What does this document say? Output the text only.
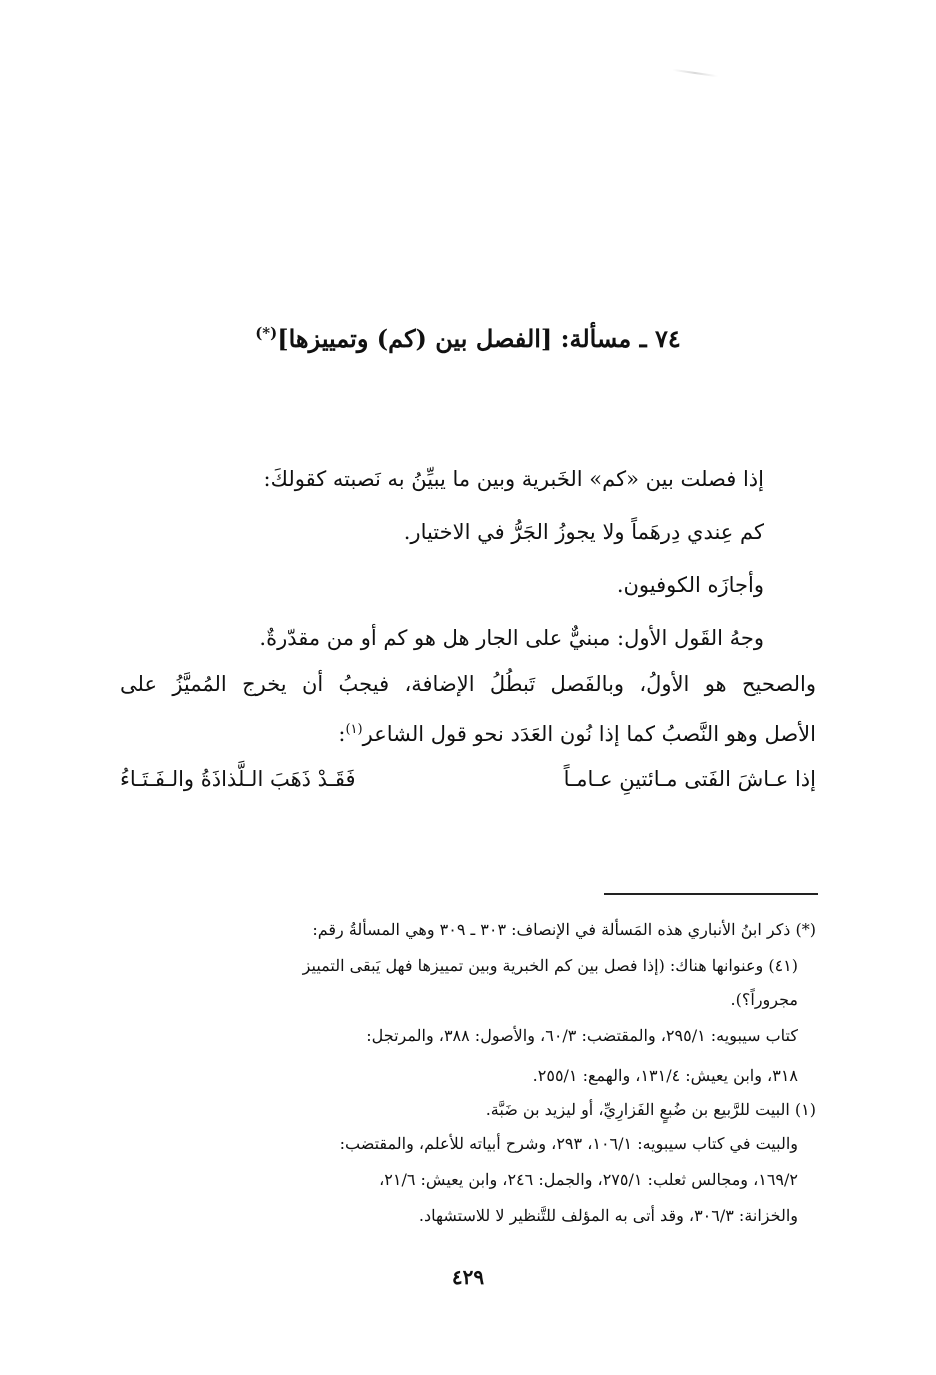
٧٤ ـ مسألة: [الفصل بين (كم) وتمييزها](*)
إذا فصلت بين «كم» الخَبرية وبين ما يبيِّنُ به نَصبته كقولكَ:
كم عِندي دِرهَماً ولا يجوزُ الجَرُّ في الاختيار.
وأجازَه الكوفيون.
وجهُ القَول الأول: مبنيٌّ على الجار هل هو كم أو من مقدّرةٌ.
والصحيح هو الأولُ، وبالفَصل تَبطُلُ الإضافة، فيجبُ أن يخرج المُميَّزُ على
الأصل وهو النَّصبُ كما إذا نُون العَدَد نحو قول الشاعر$^{(١)}$:
إذا عـاشَ الفَتى مـائتينِ عـامـاً
فَقَـدْ ذَهَبَ الـلَّذاذَةُ والـفَـتَـاءُ
(*) ذكر ابنُ الأنباري هذه المَسألة في الإنصاف: ٣٠٣ ـ ٣٠٩ وهي المسألةُ رقم:
(٤١) وعنوانها هناك: (إذا فصل بين كم الخبرية وبين تمييزها فهل يَبقى التمييز
مجروراً؟).
كتاب سيبويه: ٢٩٥/١، والمقتضب: ٦٠/٣، والأصول: ٣٨٨، والمرتجل:
٣١٨، وابن يعيش: ١٣١/٤، والهمع: ٢٥٥/١.
(١) البيت للرَّبيع بن ضُبعٍ الفَزارِيِّ، أو ليزيد بن ضَبَّة.
والبيت في كتاب سيبويه: ١٠٦/١، ٢٩٣، وشرح أبياته للأعلم، والمقتضب:
١٦٩/٢، ومجالس ثعلب: ٢٧٥/١، والجمل: ٢٤٦، وابن يعيش: ٢١/٦،
والخزانة: ٣٠٦/٣، وقد أتى به المؤلف للتَّنظير لا للاستشهاد.
٤٢٩
